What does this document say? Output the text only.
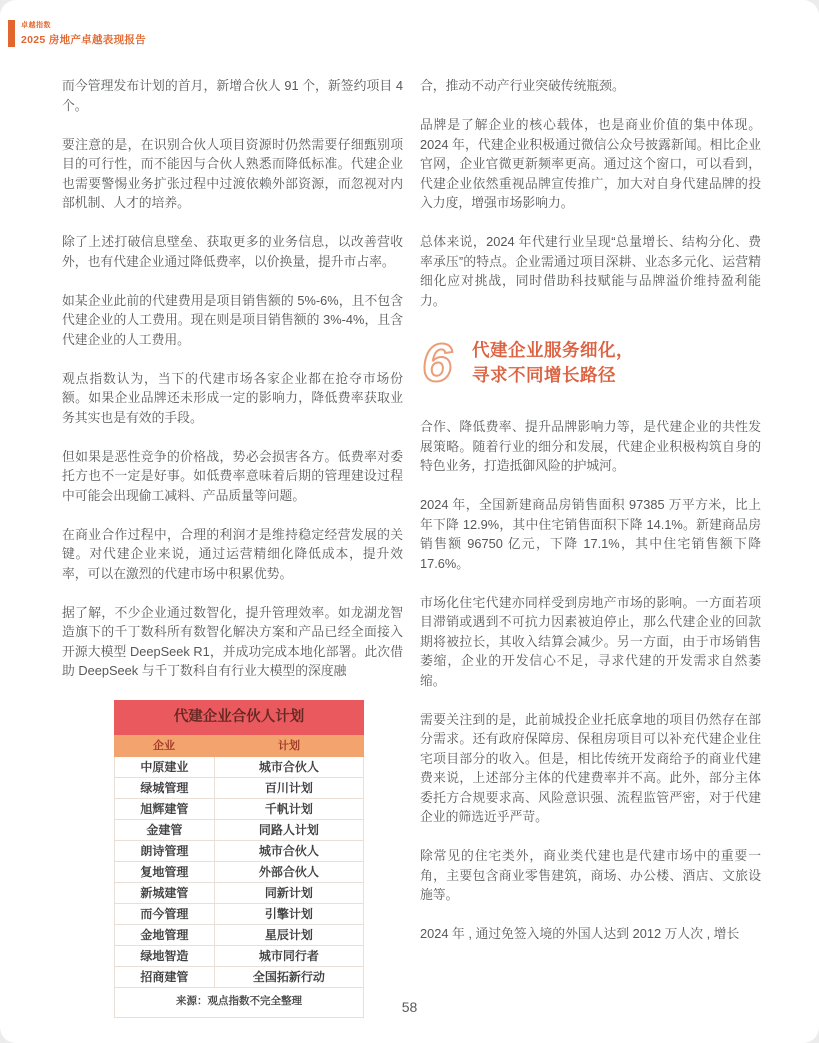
卓越指数
2025 房地产卓越表现报告

而今管理发布计划的首月，新增合伙人 91 个，新签约项目 4 个。

要注意的是，在识别合伙人项目资源时仍然需要仔细甄别项目的可行性，而不能因与合伙人熟悉而降低标准。代建企业也需要警惕业务扩张过程中过渡依赖外部资源，而忽视对内部机制、人才的培养。

除了上述打破信息壁垒、获取更多的业务信息，以改善营收外，也有代建企业通过降低费率，以价换量，提升市占率。

如某企业此前的代建费用是项目销售额的 5%-6%，且不包含代建企业的人工费用。现在则是项目销售额的 3%-4%，且含代建企业的人工费用。

观点指数认为，当下的代建市场各家企业都在抢夺市场份额。如果企业品牌还未形成一定的影响力，降低费率获取业务其实也是有效的手段。

但如果是恶性竞争的价格战，势必会损害各方。低费率对委托方也不一定是好事。如低费率意味着后期的管理建设过程中可能会出现偷工减料、产品质量等问题。

在商业合作过程中，合理的利润才是维持稳定经营发展的关键。对代建企业来说，通过运营精细化降低成本，提升效率，可以在激烈的代建市场中积累优势。

据了解，不少企业通过数智化，提升管理效率。如龙湖龙智造旗下的千丁数科所有数智化解决方案和产品已经全面接入开源大模型 DeepSeek R1，并成功完成本地化部署。此次借助 DeepSeek 与千丁数科自有行业大模型的深度融

代建企业合伙人计划
企业	计划
中原建业	城市合伙人
绿城管理	百川计划
旭辉建管	千帆计划
金建管	同路人计划
朗诗管理	城市合伙人
复地管理	外部合伙人
新城建管	同新计划
而今管理	引擎计划
金地管理	星辰计划
绿地智造	城市同行者
招商建管	全国拓新行动
来源：观点指数不完全整理

合，推动不动产行业突破传统瓶颈。

品牌是了解企业的核心载体，也是商业价值的集中体现。2024 年，代建企业积极通过微信公众号披露新闻。相比企业官网，企业官微更新频率更高。通过这个窗口，可以看到，代建企业依然重视品牌宣传推广，加大对自身代建品牌的投入力度，增强市场影响力。

总体来说，2024 年代建行业呈现“总量增长、结构分化、费率承压”的特点。企业需通过项目深耕、业态多元化、运营精细化应对挑战，同时借助科技赋能与品牌溢价维持盈利能力。

6 代建企业服务细化，
寻求不同增长路径

合作、降低费率、提升品牌影响力等，是代建企业的共性发展策略。随着行业的细分和发展，代建企业积极构筑自身的特色业务，打造抵御风险的护城河。

2024 年，全国新建商品房销售面积 97385 万平方米，比上年下降 12.9%，其中住宅销售面积下降 14.1%。新建商品房销售额 96750 亿元，下降 17.1%，其中住宅销售额下降 17.6%。

市场化住宅代建亦同样受到房地产市场的影响。一方面若项目滞销或遇到不可抗力因素被迫停止，那么代建企业的回款期将被拉长，其收入结算会减少。另一方面，由于市场销售萎缩，企业的开发信心不足，寻求代建的开发需求自然萎缩。

需要关注到的是，此前城投企业托底拿地的项目仍然存在部分需求。还有政府保障房、保租房项目可以补充代建企业住宅项目部分的收入。但是，相比传统开发商给予的商业代建费来说，上述部分主体的代建费率并不高。此外，部分主体委托方合规要求高、风险意识强、流程监管严密，对于代建企业的筛选近乎严苛。

除常见的住宅类外，商业类代建也是代建市场中的重要一角，主要包含商业零售建筑，商场、办公楼、酒店、文旅设施等。

2024 年 , 通过免签入境的外国人达到 2012 万人次 , 增长

58
